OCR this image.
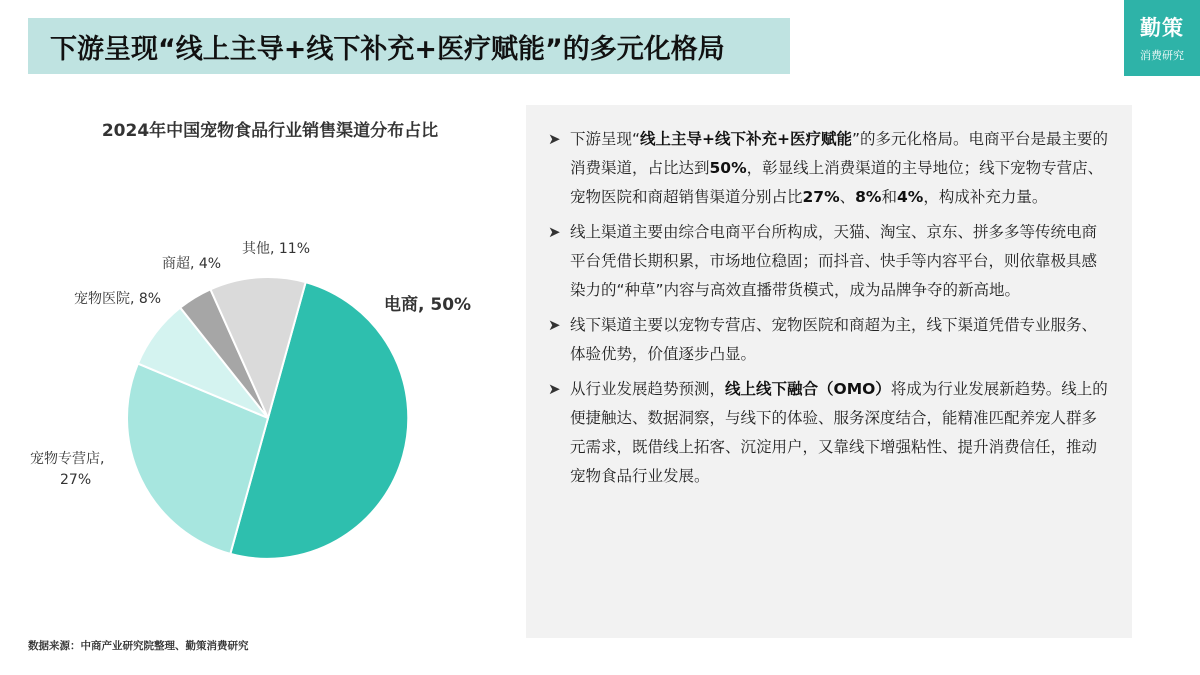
下游呈现“线上主导+线下补充+医疗赋能”的多元化格局
勤策
消费研究
2024年中国宠物食品行业销售渠道分布占比
电商, 50%
宠物专营店, 27%
宠物医院, 8%
商超, 4%
其他, 11%
➤ 下游呈现“线上主导+线下补充+医疗赋能”的多元化格局。电商平台是最主要的消费渠道，占比达到50%，彰显线上消费渠道的主导地位；线下宠物专营店、宠物医院和商超销售渠道分别占比27%、8%和4%，构成补充力量。
➤ 线上渠道主要由综合电商平台所构成，天猫、淘宝、京东、拼多多等传统电商平台凭借长期积累，市场地位稳固；而抖音、快手等内容平台，则依靠极具感染力的“种草”内容与高效直播带货模式，成为品牌争夺的新高地。
➤ 线下渠道主要以宠物专营店、宠物医院和商超为主，线下渠道凭借专业服务、体验优势，价值逐步凸显。
➤ 从行业发展趋势预测，线上线下融合（OMO）将成为行业发展新趋势。线上的便捷触达、数据洞察，与线下的体验、服务深度结合，能精准匹配养宠人群多元需求，既借线上拓客、沉淀用户，又靠线下增强粘性、提升消费信任，推动宠物食品行业发展。
数据来源：中商产业研究院整理、勤策消费研究
